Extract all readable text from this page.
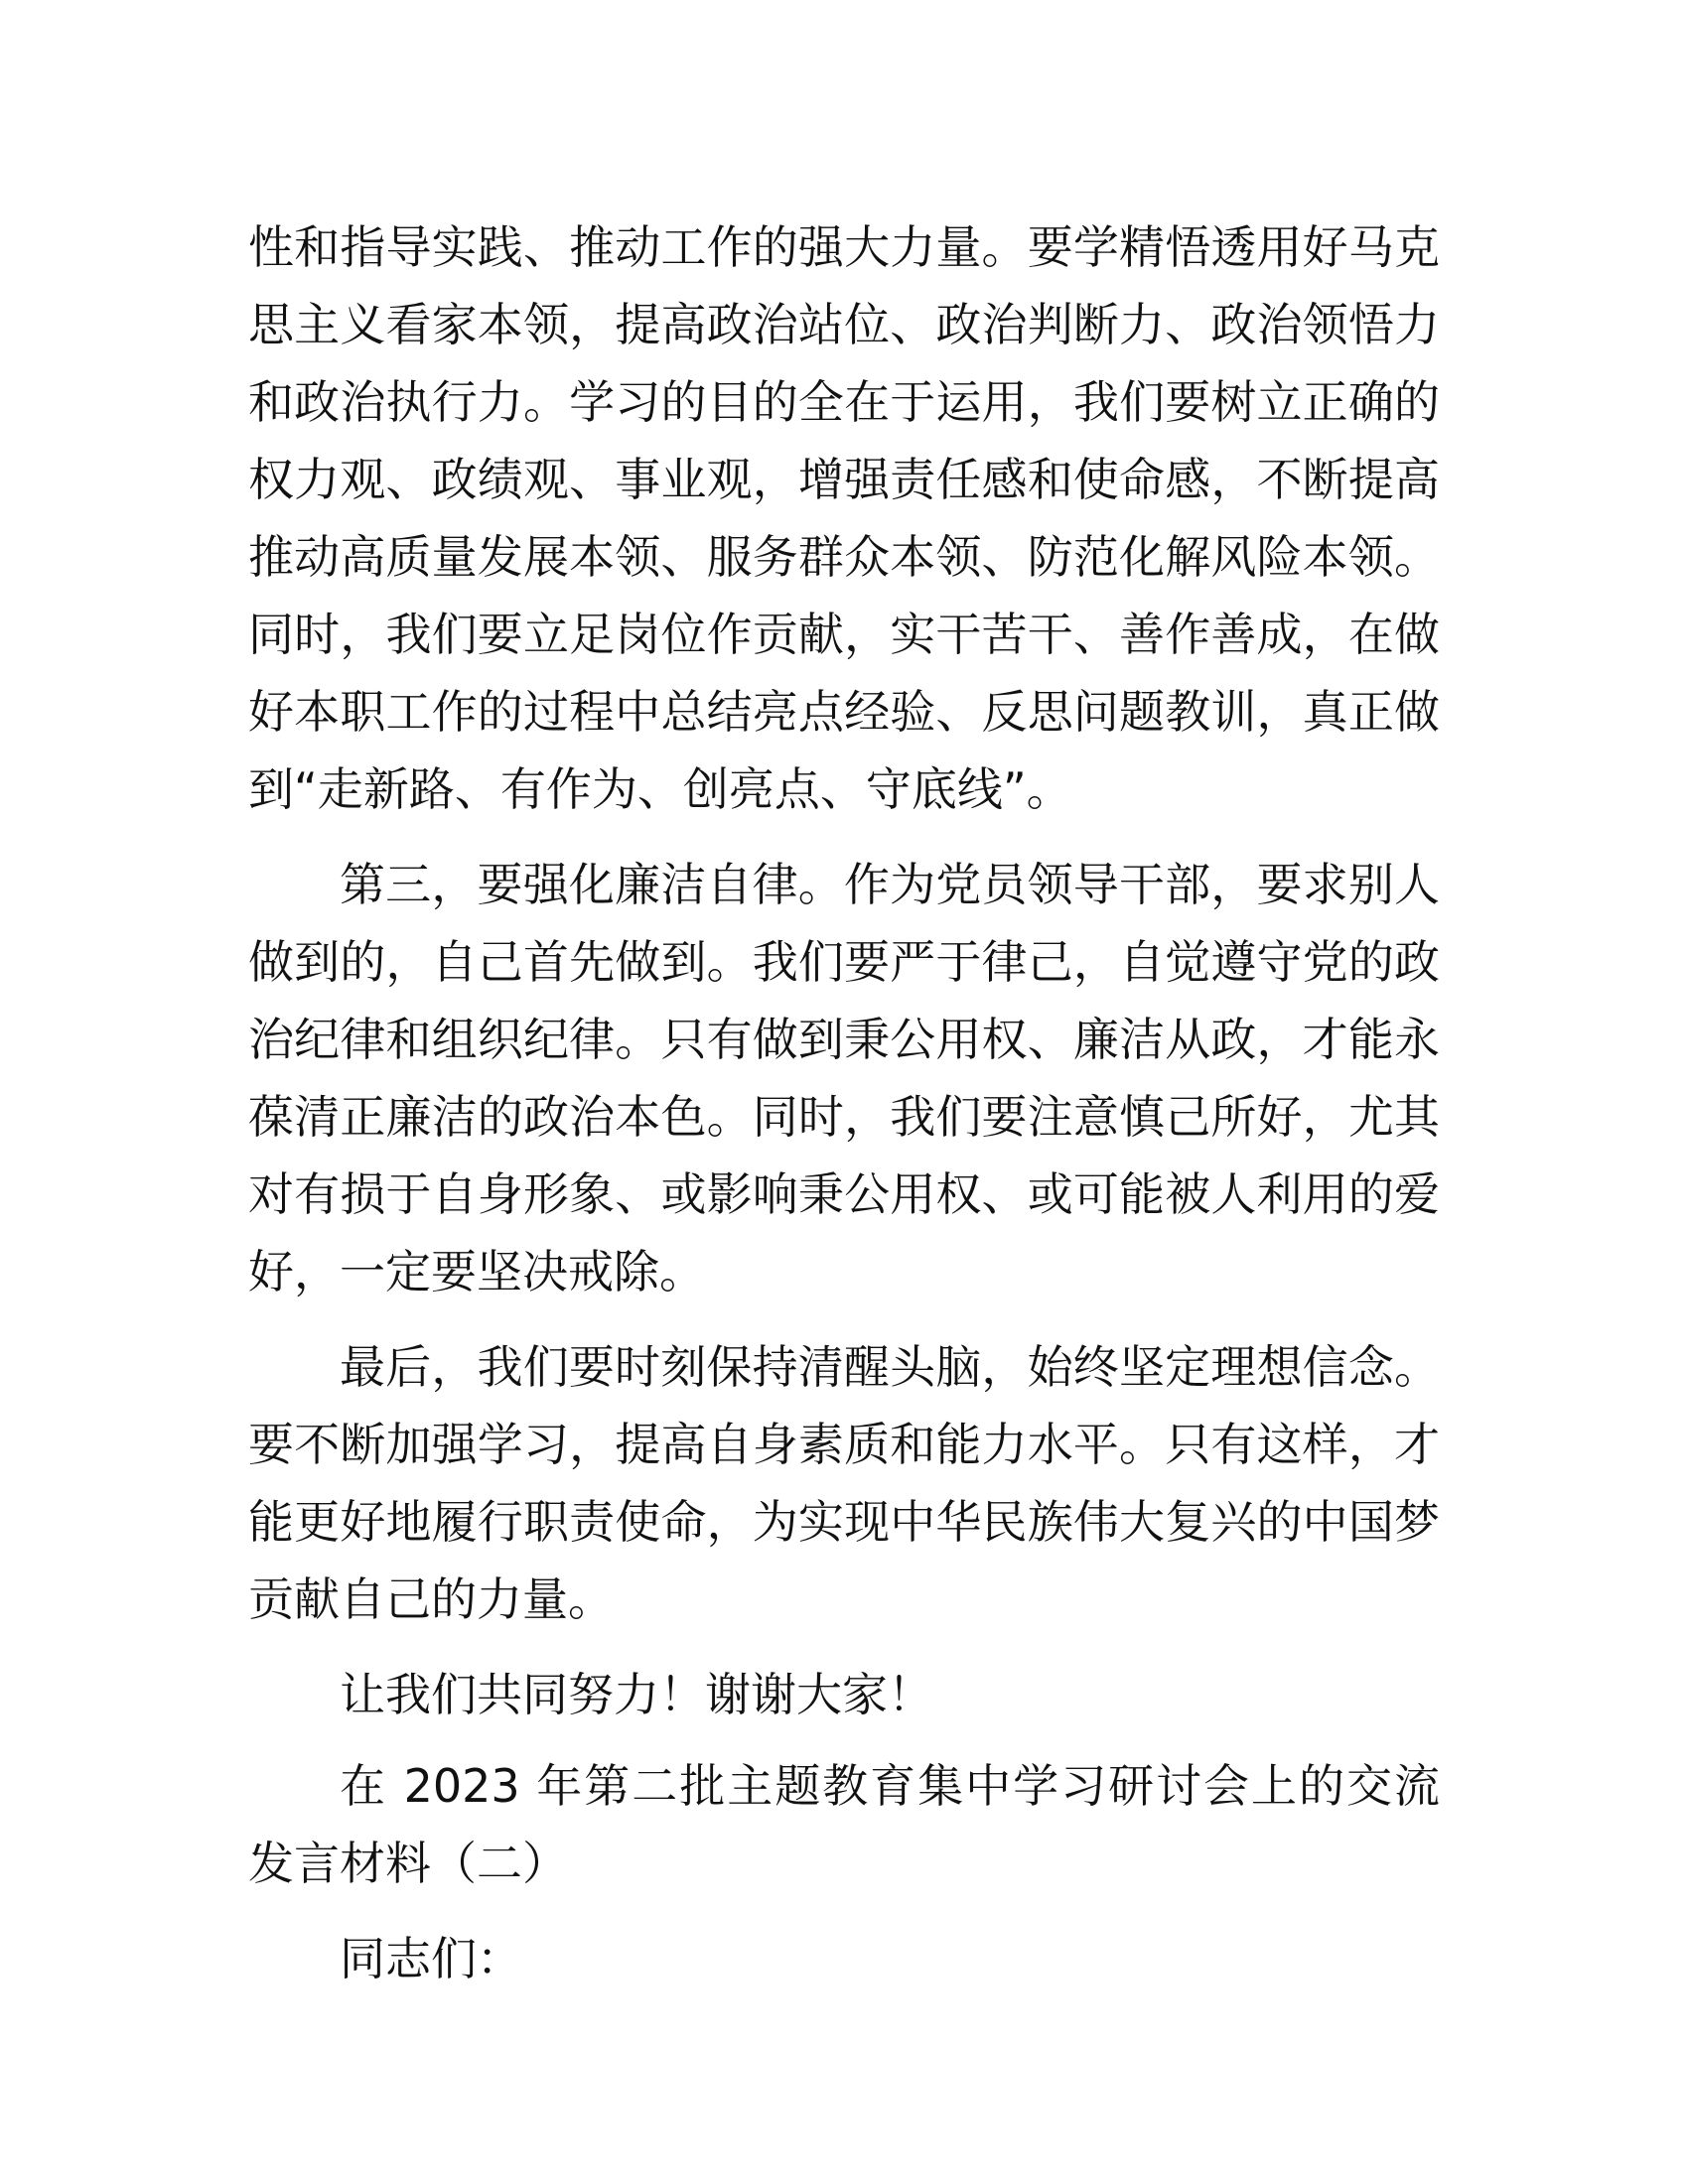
性和指导实践、推动工作的强大力量。要学精悟透用好马克思主义看家本领，提高政治站位、政治判断力、政治领悟力和政治执行力。学习的目的全在于运用，我们要树立正确的权力观、政绩观、事业观，增强责任感和使命感，不断提高推动高质量发展本领、服务群众本领、防范化解风险本领。同时，我们要立足岗位作贡献，实干苦干、善作善成，在做好本职工作的过程中总结亮点经验、反思问题教训，真正做到“走新路、有作为、创亮点、守底线”。

第三，要强化廉洁自律。作为党员领导干部，要求别人做到的，自己首先做到。我们要严于律己，自觉遵守党的政治纪律和组织纪律。只有做到秉公用权、廉洁从政，才能永葆清正廉洁的政治本色。同时，我们要注意慎己所好，尤其对有损于自身形象、或影响秉公用权、或可能被人利用的爱好，一定要坚决戒除。

最后，我们要时刻保持清醒头脑，始终坚定理想信念。要不断加强学习，提高自身素质和能力水平。只有这样，才能更好地履行职责使命，为实现中华民族伟大复兴的中国梦贡献自己的力量。

让我们共同努力！谢谢大家！

在 2023 年第二批主题教育集中学习研讨会上的交流发言材料（二）

同志们：
